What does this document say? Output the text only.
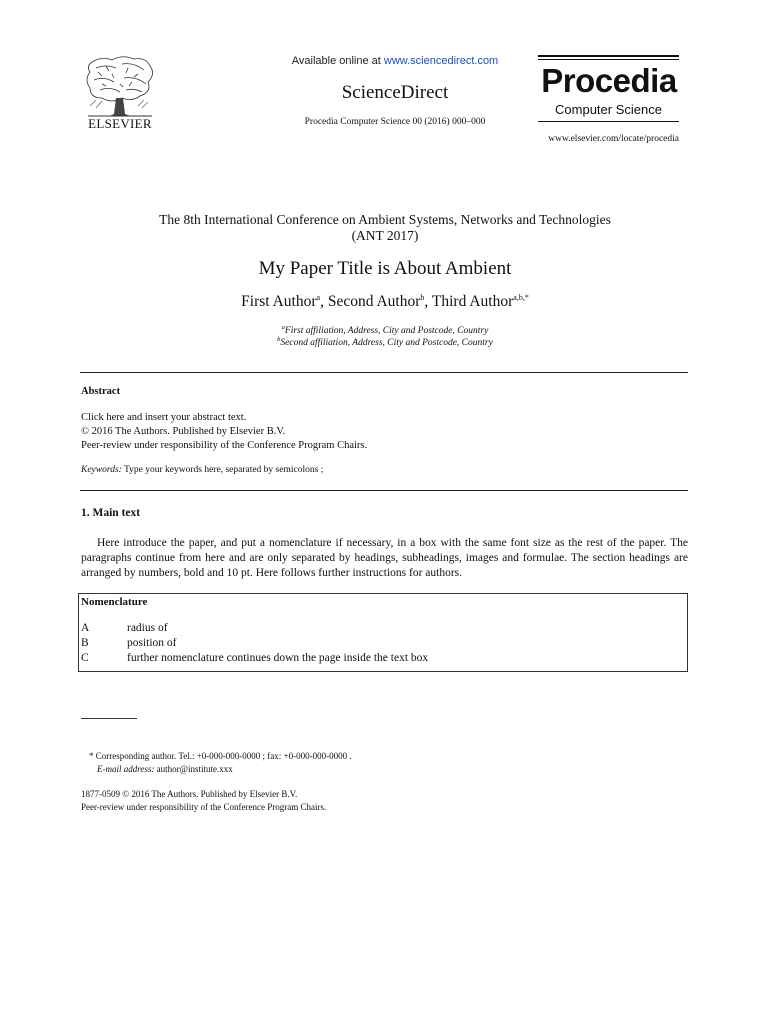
Available online at www.sciencedirect.com
ScienceDirect
Procedia Computer Science 00 (2016) 000–000
ELSEVIER
Procedia
Computer Science
www.elsevier.com/locate/procedia
The 8th International Conference on Ambient Systems, Networks and Technologies
(ANT 2017)
My Paper Title is About Ambient
First Author$^a$, Second Author$^b$, Third Author$^{a,b,*}$
$^a$First affiliation, Address, City and Postcode, Country
$^b$Second affiliation, Address, City and Postcode, Country
Abstract
Click here and insert your abstract text.
© 2016 The Authors. Published by Elsevier B.V.
Peer-review under responsibility of the Conference Program Chairs.
Keywords: Type your keywords here, separated by semicolons ;
1. Main text
Here introduce the paper, and put a nomenclature if necessary, in a box with the same font size as the rest of the paper. The paragraphs continue from here and are only separated by headings, subheadings, images and formulae. The section headings are arranged by numbers, bold and 10 pt. Here follows further instructions for authors.
Nomenclature
A	radius of
B	position of
C	further nomenclature continues down the page inside the text box
* Corresponding author. Tel.: +0-000-000-0000 ; fax: +0-000-000-0000 .
E-mail address: author@institute.xxx
1877-0509 © 2016 The Authors. Published by Elsevier B.V.
Peer-review under responsibility of the Conference Program Chairs.
